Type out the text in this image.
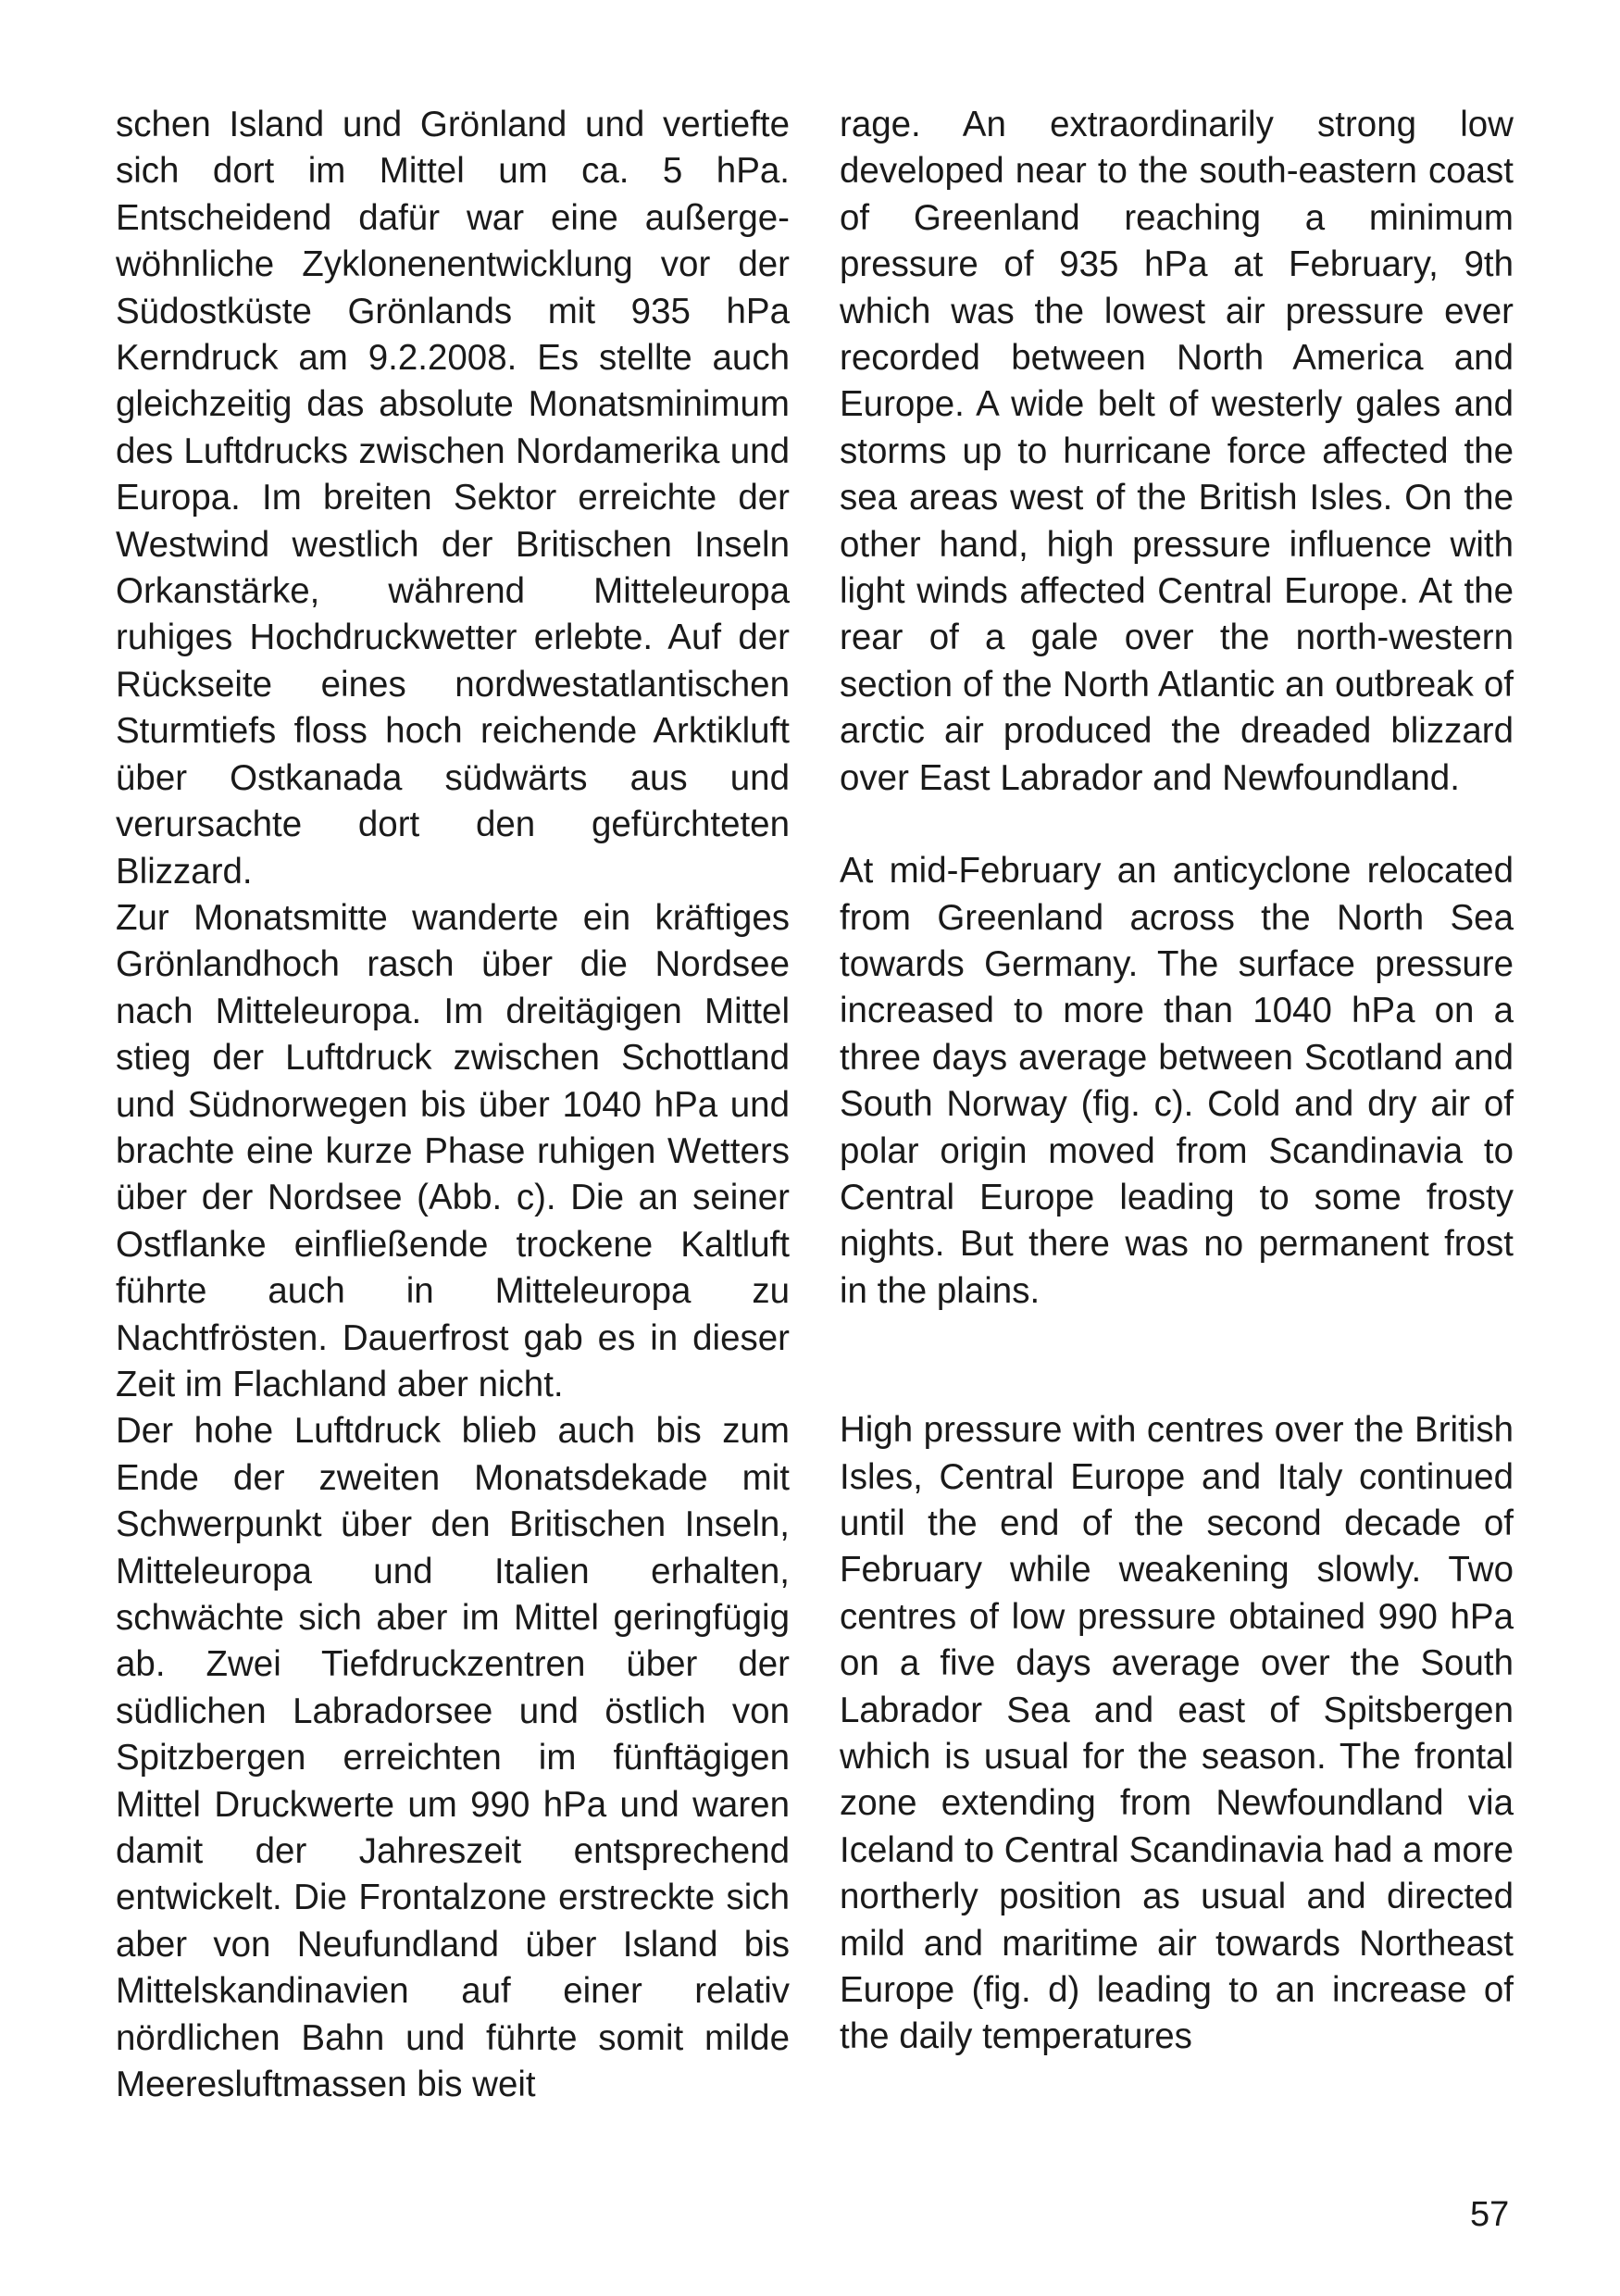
schen Island und Grönland und vertiefte sich dort im Mittel um ca. 5 hPa. Entscheidend dafür war eine außergewöhnliche Zyklonenentwicklung vor der Südostküste Grönlands mit 935 hPa Kerndruck am 9.2.2008. Es stellte auch gleichzeitig das absolute Monatsminimum des Luftdrucks zwischen Nordamerika und Europa. Im breiten Sektor erreichte der Westwind westlich der Britischen Inseln Orkanstärke, während Mitteleuropa ruhiges Hochdruckwetter erlebte. Auf der Rückseite eines nordwestatlantischen Sturmtiefs floss hoch reichende Arktikluft über Ostkanada südwärts aus und verursachte dort den gefürchteten Blizzard.

Zur Monatsmitte wanderte ein kräftiges Grönlandhoch rasch über die Nordsee nach Mitteleuropa. Im dreitägigen Mittel stieg der Luftdruck zwischen Schottland und Südnorwegen bis über 1040 hPa und brachte eine kurze Phase ruhigen Wetters über der Nordsee (Abb. c). Die an seiner Ostflanke einfließende trockene Kaltluft führte auch in Mitteleuropa zu Nachtfrösten. Dauerfrost gab es in dieser Zeit im Flachland aber nicht.

Der hohe Luftdruck blieb auch bis zum Ende der zweiten Monatsdekade mit Schwerpunkt über den Britischen Inseln, Mitteleuropa und Italien erhalten, schwächte sich aber im Mittel geringfügig ab. Zwei Tiefdruckzentren über der südlichen Labradorsee und östlich von Spitzbergen erreichten im fünftägigen Mittel Druckwerte um 990 hPa und waren damit der Jahreszeit entsprechend entwickelt. Die Frontalzone erstreckte sich aber von Neufundland über Island bis Mittelskandinavien auf einer relativ nördlichen Bahn und führte somit milde Meeresluftmassen bis weit

rage. An extraordinarily strong low developed near to the south-eastern coast of Greenland reaching a minimum pressure of 935 hPa at February, 9th which was the lowest air pressure ever recorded between North America and Europe. A wide belt of westerly gales and storms up to hurricane force affected the sea areas west of the British Isles. On the other hand, high pressure influence with light winds affected Central Europe. At the rear of a gale over the north-western section of the North Atlantic an outbreak of arctic air produced the dreaded blizzard over East Labrador and Newfoundland.

At mid-February an anticyclone relocated from Greenland across the North Sea towards Germany. The surface pressure increased to more than 1040 hPa on a three days average between Scotland and South Norway (fig. c). Cold and dry air of polar origin moved from Scandinavia to Central Europe leading to some frosty nights. But there was no permanent frost in the plains.

High pressure with centres over the British Isles, Central Europe and Italy continued until the end of the second decade of February while weakening slowly. Two centres of low pressure obtained 990 hPa on a five days average over the South Labrador Sea and east of Spitsbergen which is usual for the season. The frontal zone extending from Newfoundland via Iceland to Central Scandinavia had a more northerly position as usual and directed mild and maritime air towards Northeast Europe (fig. d) leading to an increase of the daily temperatures

57
